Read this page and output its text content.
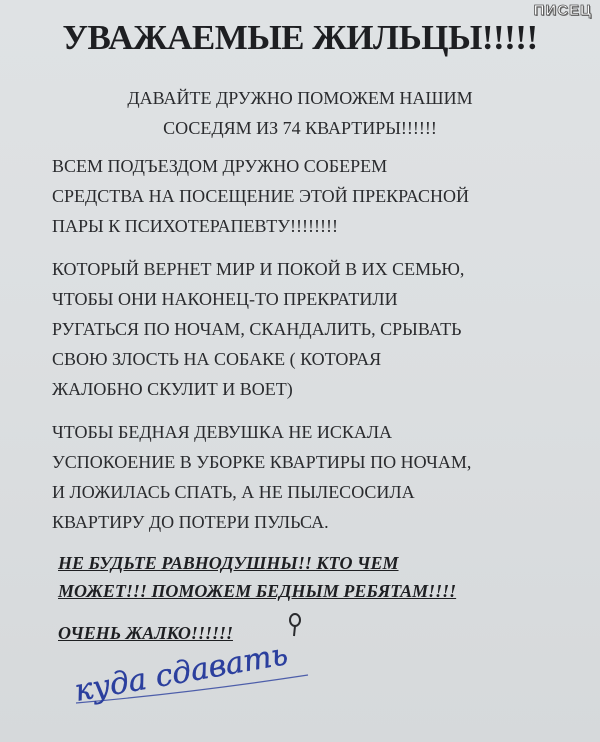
ПИСЕЦ
УВАЖАЕМЫЕ ЖИЛЬЦЫ!!!!!
ДАВАЙТЕ ДРУЖНО ПОМОЖЕМ НАШИМ
СОСЕДЯМ ИЗ 74 КВАРТИРЫ!!!!!!
ВСЕМ ПОДЪЕЗДОМ ДРУЖНО СОБЕРЕМ
СРЕДСТВА НА ПОСЕЩЕНИЕ ЭТОЙ ПРЕКРАСНОЙ
ПАРЫ К ПСИХОТЕРАПЕВТУ!!!!!!!!
КОТОРЫЙ ВЕРНЕТ МИР И ПОКОЙ В ИХ СЕМЬЮ,
ЧТОБЫ ОНИ НАКОНЕЦ-ТО ПРЕКРАТИЛИ
РУГАТЬСЯ ПО НОЧАМ, СКАНДАЛИТЬ, СРЫВАТЬ
СВОЮ ЗЛОСТЬ НА СОБАКЕ ( КОТОРАЯ
ЖАЛОБНО СКУЛИТ И ВОЕТ)
ЧТОБЫ БЕДНАЯ ДЕВУШКА НЕ ИСКАЛА
УСПОКОЕНИЕ В УБОРКЕ КВАРТИРЫ ПО НОЧАМ,
И ЛОЖИЛАСЬ СПАТЬ, А НЕ ПЫЛЕСОСИЛА
КВАРТИРУ ДО ПОТЕРИ ПУЛЬСА.
НЕ БУДЬТЕ РАВНОДУШНЫ!! КТО ЧЕМ
МОЖЕТ!!! ПОМОЖЕМ БЕДНЫМ РЕБЯТАМ!!!!
ОЧЕНЬ ЖАЛКО!!!!!!
куда сдавать
